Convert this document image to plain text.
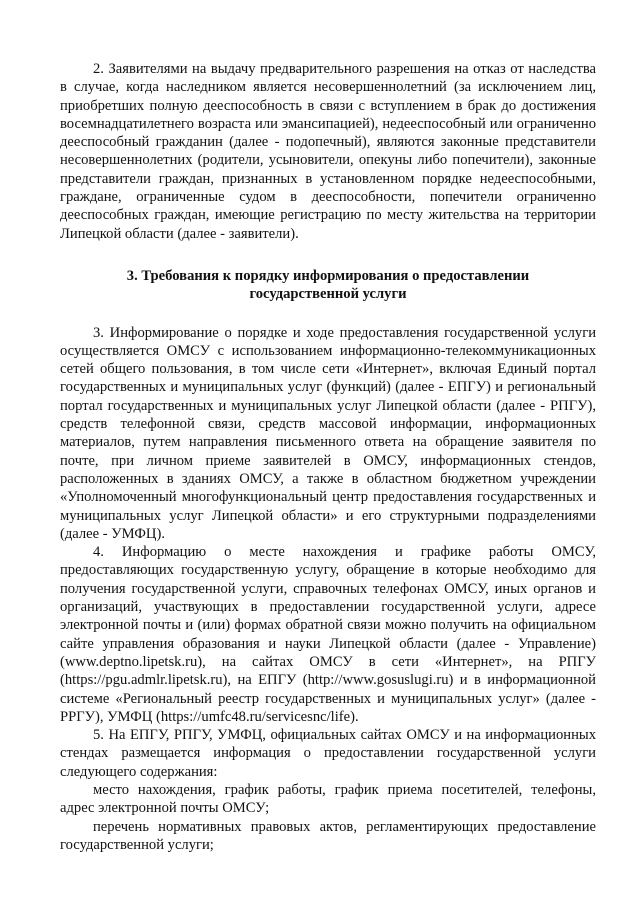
2. Заявителями на выдачу предварительного разрешения на отказ от наследства в случае, когда наследником является несовершеннолетний (за исключением лиц, приобретших полную дееспособность в связи с вступлением в брак до достижения восемнадцатилетнего возраста или эмансипацией), недееспособный или ограниченно дееспособный гражданин (далее - подопечный), являются законные представители несовершеннолетних (родители, усыновители, опекуны либо попечители), законные представители граждан, признанных в установленном порядке недееспособными, граждане, ограниченные судом в дееспособности, попечители ограниченно дееспособных граждан, имеющие регистрацию по месту жительства на территории Липецкой области (далее - заявители).

3. Требования к порядку информирования о предоставлении государственной услуги

3. Информирование о порядке и ходе предоставления государственной услуги осуществляется ОМСУ с использованием информационно-телекоммуникационных сетей общего пользования, в том числе сети «Интернет», включая Единый портал государственных и муниципальных услуг (функций) (далее - ЕПГУ) и региональный портал государственных и муниципальных услуг Липецкой области (далее - РПГУ), средств телефонной связи, средств массовой информации, информационных материалов, путем направления письменного ответа на обращение заявителя по почте, при личном приеме заявителей в ОМСУ, информационных стендов, расположенных в зданиях ОМСУ, а также в областном бюджетном учреждении «Уполномоченный многофункциональный центр предоставления государственных и муниципальных услуг Липецкой области» и его структурными подразделениями (далее - УМФЦ).

4. Информацию о месте нахождения и графике работы ОМСУ, предоставляющих государственную услугу, обращение в которые необходимо для получения государственной услуги, справочных телефонах ОМСУ, иных органов и организаций, участвующих в предоставлении государственной услуги, адресе электронной почты и (или) формах обратной связи можно получить на официальном сайте управления образования и науки Липецкой области (далее - Управление)(www.deptno.lipetsk.ru), на сайтах ОМСУ в сети «Интернет», на РПГУ (https://pgu.admlr.lipetsk.ru), на ЕПГУ (http://www.gosuslugi.ru) и в информационной системе «Региональный реестр государственных и муниципальных услуг» (далее - РРГУ), УМФЦ (https://umfc48.ru/servicesnc/life).

5. На ЕПГУ, РПГУ, УМФЦ, официальных сайтах ОМСУ и на информационных стендах размещается информация о предоставлении государственной услуги следующего содержания:

место нахождения, график работы, график приема посетителей, телефоны, адрес электронной почты ОМСУ;

перечень нормативных правовых актов, регламентирующих предоставление государственной услуги;
